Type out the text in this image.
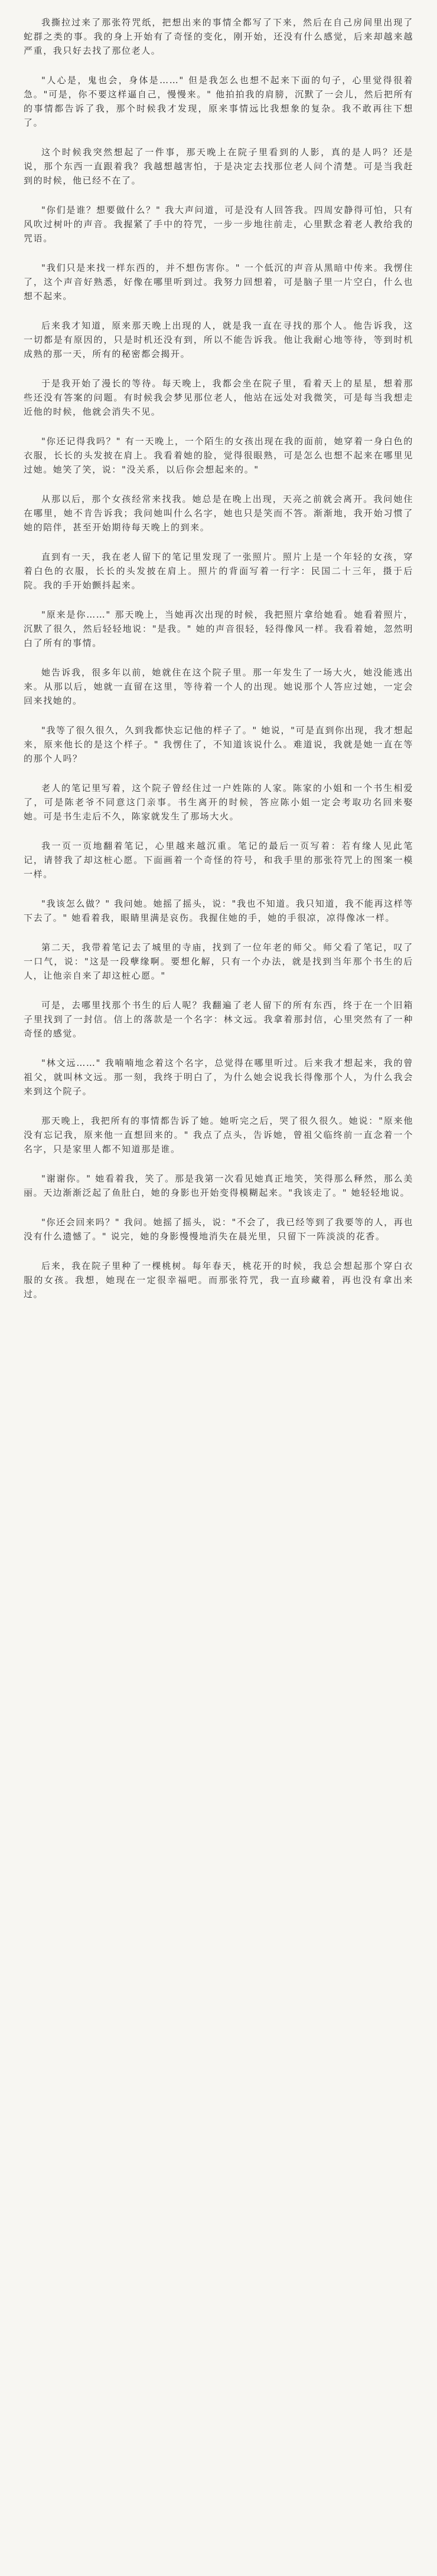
我撕拉过来了那张符咒纸，把想出来的事情全都写了下来，然后在自己房间里出现了蛇群之类的事。我的身上开始有了奇怪的变化，刚开始，还没有什么感觉，后来却越来越严重，我只好去找了那位老人。

"人心是，鬼也会，身体是……" 但是我怎么也想不起来下面的句子，心里觉得很着急。"可是，你不要这样逼自己，慢慢来。" 他拍拍我的肩膀，沉默了一会儿，然后把所有的事情都告诉了我，那个时候我才发现，原来事情远比我想象的复杂。我不敢再往下想了。

这个时候我突然想起了一件事，那天晚上在院子里看到的人影，真的是人吗？还是说，那个东西一直跟着我？我越想越害怕，于是决定去找那位老人问个清楚。可是当我赶到的时候，他已经不在了。

"你们是谁？想要做什么？" 我大声问道，可是没有人回答我。四周安静得可怕，只有风吹过树叶的声音。我握紧了手中的符咒，一步一步地往前走，心里默念着老人教给我的咒语。

"我们只是来找一样东西的，并不想伤害你。" 一个低沉的声音从黑暗中传来。我愣住了，这个声音好熟悉，好像在哪里听到过。我努力回想着，可是脑子里一片空白，什么也想不起来。

后来我才知道，原来那天晚上出现的人，就是我一直在寻找的那个人。他告诉我，这一切都是有原因的，只是时机还没有到，所以不能告诉我。他让我耐心地等待，等到时机成熟的那一天，所有的秘密都会揭开。

于是我开始了漫长的等待。每天晚上，我都会坐在院子里，看着天上的星星，想着那些还没有答案的问题。有时候我会梦见那位老人，他站在远处对我微笑，可是每当我想走近他的时候，他就会消失不见。

"你还记得我吗？" 有一天晚上，一个陌生的女孩出现在我的面前，她穿着一身白色的衣服，长长的头发披在肩上。我看着她的脸，觉得很眼熟，可是怎么也想不起来在哪里见过她。她笑了笑，说："没关系，以后你会想起来的。"

从那以后，那个女孩经常来找我。她总是在晚上出现，天亮之前就会离开。我问她住在哪里，她不肯告诉我；我问她叫什么名字，她也只是笑而不答。渐渐地，我开始习惯了她的陪伴，甚至开始期待每天晚上的到来。

直到有一天，我在老人留下的笔记里发现了一张照片。照片上是一个年轻的女孩，穿着白色的衣服，长长的头发披在肩上。照片的背面写着一行字：民国二十三年，摄于后院。我的手开始颤抖起来。

"原来是你……" 那天晚上，当她再次出现的时候，我把照片拿给她看。她看着照片，沉默了很久，然后轻轻地说："是我。" 她的声音很轻，轻得像风一样。我看着她，忽然明白了所有的事情。

她告诉我，很多年以前，她就住在这个院子里。那一年发生了一场大火，她没能逃出来。从那以后，她就一直留在这里，等待着一个人的出现。她说那个人答应过她，一定会回来找她的。

"我等了很久很久，久到我都快忘记他的样子了。" 她说，"可是直到你出现，我才想起来，原来他长的是这个样子。" 我愣住了，不知道该说什么。难道说，我就是她一直在等的那个人吗？

老人的笔记里写着，这个院子曾经住过一户姓陈的人家。陈家的小姐和一个书生相爱了，可是陈老爷不同意这门亲事。书生离开的时候，答应陈小姐一定会考取功名回来娶她。可是书生走后不久，陈家就发生了那场大火。

我一页一页地翻着笔记，心里越来越沉重。笔记的最后一页写着：若有缘人见此笔记，请替我了却这桩心愿。下面画着一个奇怪的符号，和我手里的那张符咒上的图案一模一样。

"我该怎么做？" 我问她。她摇了摇头，说："我也不知道。我只知道，我不能再这样等下去了。" 她看着我，眼睛里满是哀伤。我握住她的手，她的手很凉，凉得像冰一样。

第二天，我带着笔记去了城里的寺庙，找到了一位年老的师父。师父看了笔记，叹了一口气，说："这是一段孽缘啊。要想化解，只有一个办法，就是找到当年那个书生的后人，让他亲自来了却这桩心愿。"

可是，去哪里找那个书生的后人呢？我翻遍了老人留下的所有东西，终于在一个旧箱子里找到了一封信。信上的落款是一个名字：林文远。我拿着那封信，心里突然有了一种奇怪的感觉。

"林文远……" 我喃喃地念着这个名字，总觉得在哪里听过。后来我才想起来，我的曾祖父，就叫林文远。那一刻，我终于明白了，为什么她会说我长得像那个人，为什么我会来到这个院子。

那天晚上，我把所有的事情都告诉了她。她听完之后，哭了很久很久。她说："原来他没有忘记我，原来他一直想回来的。" 我点了点头，告诉她，曾祖父临终前一直念着一个名字，只是家里人都不知道那是谁。

"谢谢你。" 她看着我，笑了。那是我第一次看见她真正地笑，笑得那么释然，那么美丽。天边渐渐泛起了鱼肚白，她的身影也开始变得模糊起来。"我该走了。" 她轻轻地说。

"你还会回来吗？" 我问。她摇了摇头，说："不会了，我已经等到了我要等的人，再也没有什么遗憾了。" 说完，她的身影慢慢地消失在晨光里，只留下一阵淡淡的花香。

后来，我在院子里种了一棵桃树。每年春天，桃花开的时候，我总会想起那个穿白衣服的女孩。我想，她现在一定很幸福吧。而那张符咒，我一直珍藏着，再也没有拿出来过。
